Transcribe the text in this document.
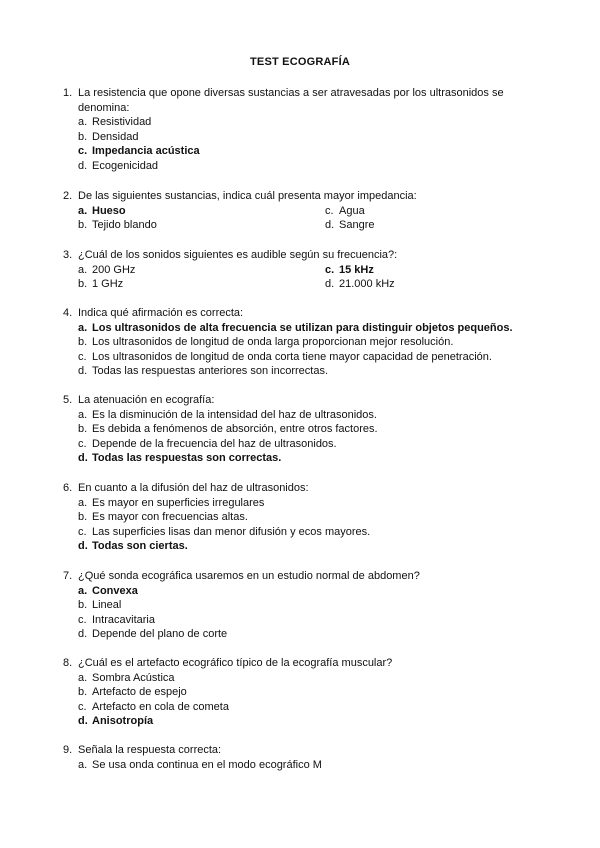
TEST ECOGRAFÍA
1. La resistencia que opone diversas sustancias a ser atravesadas por los ultrasonidos se denomina:
a. Resistividad
b. Densidad
c. Impedancia acústica
d. Ecogenicidad
2. De las siguientes sustancias, indica cuál presenta mayor impedancia:
a. Hueso	c. Agua
b. Tejido blando	d. Sangre
3. ¿Cuál de los sonidos siguientes es audible según su frecuencia?:
a. 200 GHz	c. 15 kHz
b. 1 GHz	d. 21.000 kHz
4. Indica qué afirmación es correcta:
a. Los ultrasonidos de alta frecuencia se utilizan para distinguir objetos pequeños.
b. Los ultrasonidos de longitud de onda larga proporcionan mejor resolución.
c. Los ultrasonidos de longitud de onda corta tiene mayor capacidad de penetración.
d. Todas las respuestas anteriores son incorrectas.
5. La atenuación en ecografía:
a. Es la disminución de la intensidad del haz de ultrasonidos.
b. Es debida a fenómenos de absorción, entre otros factores.
c. Depende de la frecuencia del haz de ultrasonidos.
d. Todas las respuestas son correctas.
6. En cuanto a la difusión del haz de ultrasonidos:
a. Es mayor en superficies irregulares
b. Es mayor con frecuencias altas.
c. Las superficies lisas dan menor difusión y ecos mayores.
d. Todas son ciertas.
7. ¿Qué sonda ecográfica usaremos en un estudio normal de abdomen?
a. Convexa
b. Lineal
c. Intracavitaria
d. Depende del plano de corte
8. ¿Cuál es el artefacto ecográfico típico de la ecografía muscular?
a. Sombra Acústica
b. Artefacto de espejo
c. Artefacto en cola de cometa
d. Anisotropía
9. Señala la respuesta correcta:
a. Se usa onda continua en el modo ecográfico M
